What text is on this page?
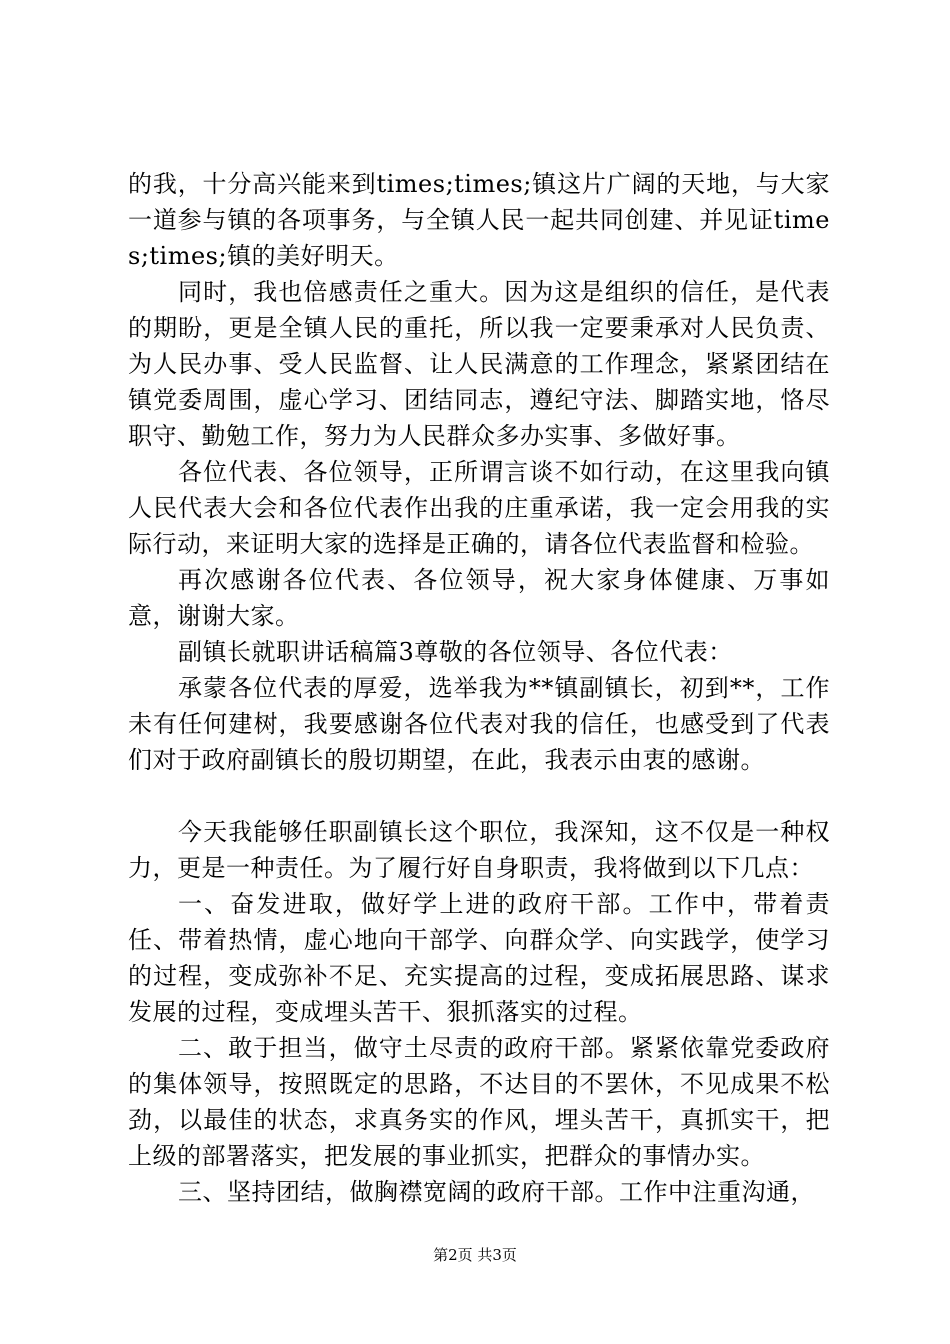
的我，十分高兴能来到times;times;镇这片广阔的天地，与大家一道参与镇的各项事务，与全镇人民一起共同创建、并见证times;times;镇的美好明天。

同时，我也倍感责任之重大。因为这是组织的信任，是代表的期盼，更是全镇人民的重托，所以我一定要秉承对人民负责、为人民办事、受人民监督、让人民满意的工作理念，紧紧团结在镇党委周围，虚心学习、团结同志，遵纪守法、脚踏实地，恪尽职守、勤勉工作，努力为人民群众多办实事、多做好事。

各位代表、各位领导，正所谓言谈不如行动，在这里我向镇人民代表大会和各位代表作出我的庄重承诺，我一定会用我的实际行动，来证明大家的选择是正确的，请各位代表监督和检验。

再次感谢各位代表、各位领导，祝大家身体健康、万事如意，谢谢大家。

副镇长就职讲话稿篇3尊敬的各位领导、各位代表：

承蒙各位代表的厚爱，选举我为**镇副镇长，初到**，工作未有任何建树，我要感谢各位代表对我的信任，也感受到了代表们对于政府副镇长的殷切期望，在此，我表示由衷的感谢。

今天我能够任职副镇长这个职位，我深知，这不仅是一种权力，更是一种责任。为了履行好自身职责，我将做到以下几点：

一、奋发进取，做好学上进的政府干部。工作中，带着责任、带着热情，虚心地向干部学、向群众学、向实践学，使学习的过程，变成弥补不足、充实提高的过程，变成拓展思路、谋求发展的过程，变成埋头苦干、狠抓落实的过程。

二、敢于担当，做守土尽责的政府干部。紧紧依靠党委政府的集体领导，按照既定的思路，不达目的不罢休，不见成果不松劲，以最佳的状态，求真务实的作风，埋头苦干，真抓实干，把上级的部署落实，把发展的事业抓实，把群众的事情办实。

三、坚持团结，做胸襟宽阔的政府干部。工作中注重沟通，

第2页 共3页
